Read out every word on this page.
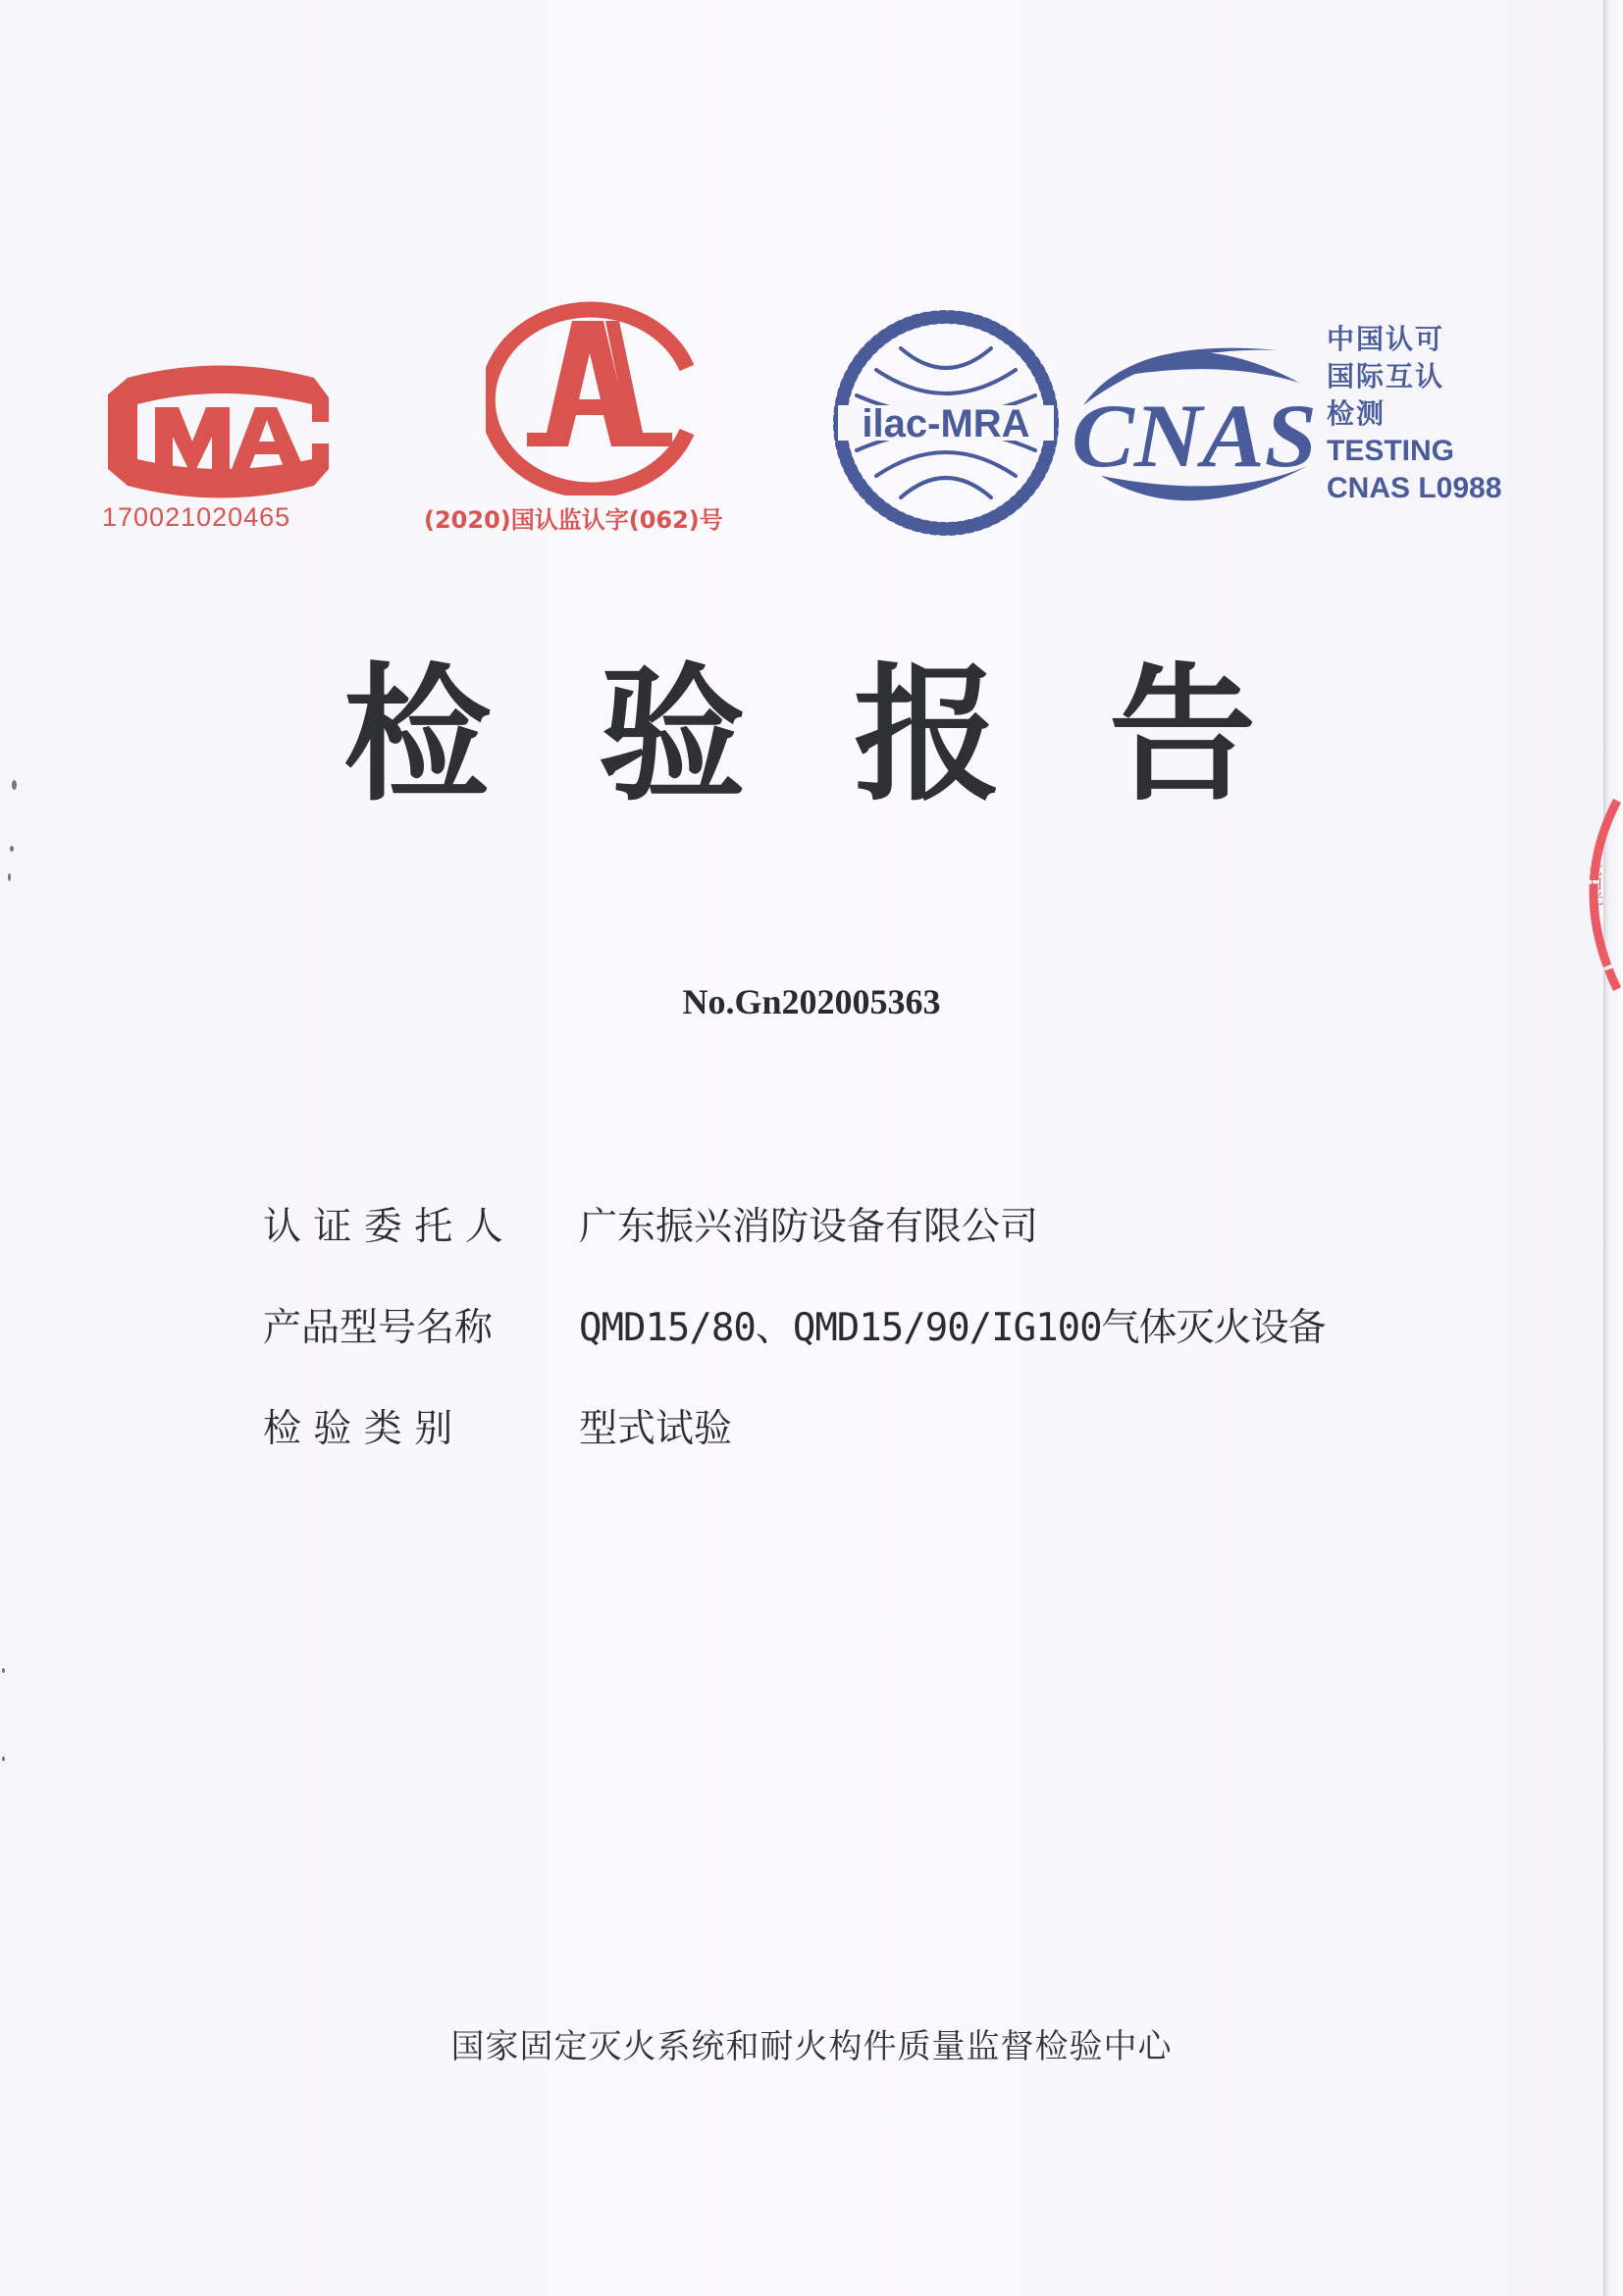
170021020465	(2020)国认监认字(062)号
ilac-MRA CNAS
中国认可
国际互认
检测
TESTING
CNAS L0988
检 验 报 告
No.Gn202005363
认 证 委 托 人	广东振兴消防设备有限公司
产品型号名称	QMD15/80、QMD15/90/IG100气体灭火设备
检 验 类 别	型式试验
国家固定灭火系统和耐火构件质量监督检验中心
ト七日光
